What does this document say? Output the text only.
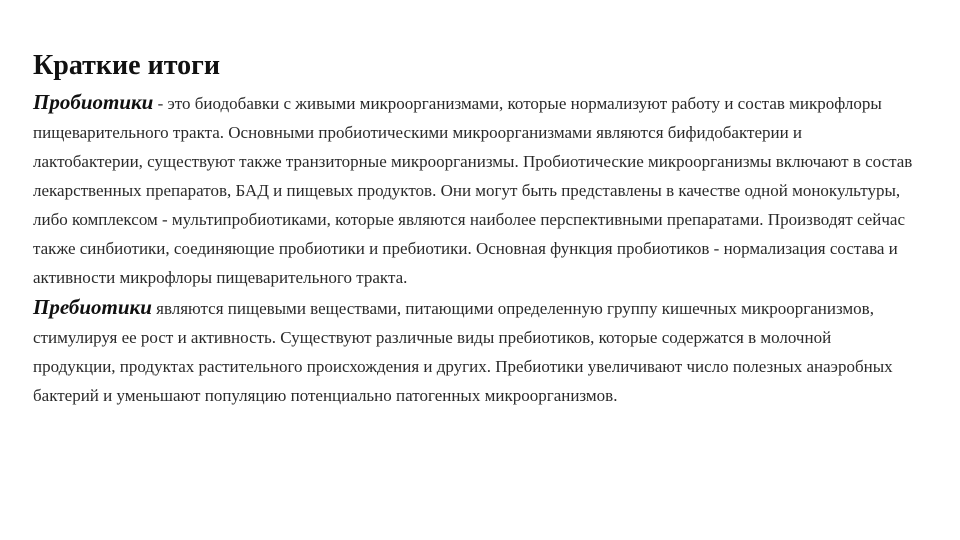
Краткие итоги

Пробиотики - это биодобавки с живыми микроорганизмами, которые нормализуют работу и состав микрофлоры пищеварительного тракта. Основными пробиотическими микроорганизмами являются бифидобактерии и лактобактерии, существуют также транзиторные микроорганизмы. Пробиотические микроорганизмы включают в состав лекарственных препаратов, БАД и пищевых продуктов. Они могут быть представлены в качестве одной монокультуры, либо комплексом - мультипробиотиками, которые являются наиболее перспективными препаратами. Производят сейчас также синбиотики, соединяющие пробиотики и пребиотики. Основная функция пробиотиков - нормализация состава и активности микрофлоры пищеварительного тракта.

Пребиотики являются пищевыми веществами, питающими определенную группу кишечных микроорганизмов, стимулируя ее рост и активность. Существуют различные виды пребиотиков, которые содержатся в молочной продукции, продуктах растительного происхождения и других. Пребиотики увеличивают число полезных анаэробных бактерий и уменьшают популяцию потенциально патогенных микроорганизмов.
